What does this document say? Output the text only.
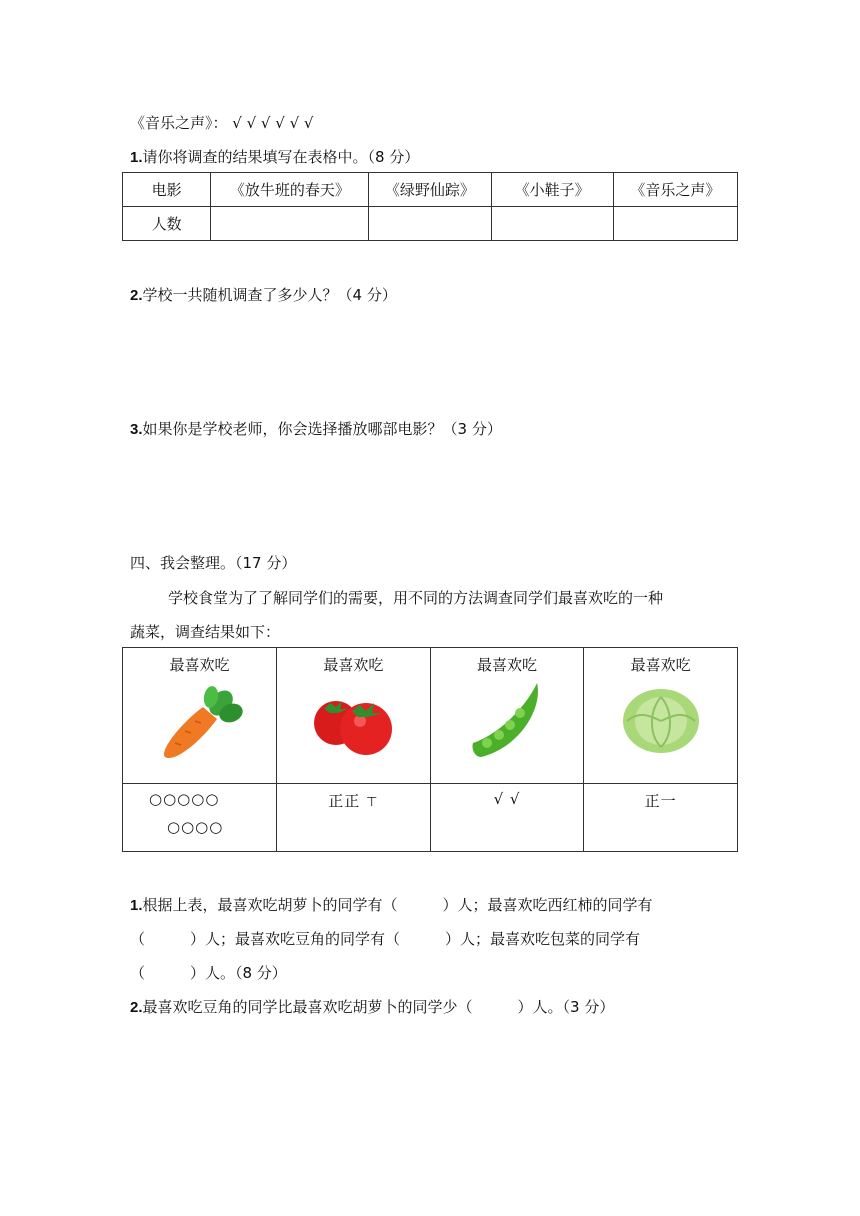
《音乐之声》： √ √ √ √ √ √
1.请你将调查的结果填写在表格中。（8 分）
电影	《放牛班的春天》	《绿野仙踪》	《小鞋子》	《音乐之声》
人数				
2.学校一共随机调查了多少人？（4 分）
3.如果你是学校老师，你会选择播放哪部电影？（3 分）
四、我会整理。（17 分）
学校食堂为了了解同学们的需要，用不同的方法调查同学们最喜欢吃的一种
蔬菜，调查结果如下：
最喜欢吃	最喜欢吃	最喜欢吃	最喜欢吃

○○○○○
○○○○	正正 ⊤	√ √	正一
1.根据上表，最喜欢吃胡萝卜的同学有（　　　）人；最喜欢吃西红柿的同学有
（　　　）人；最喜欢吃豆角的同学有（　　　）人；最喜欢吃包菜的同学有
（　　　）人。（8 分）
2.最喜欢吃豆角的同学比最喜欢吃胡萝卜的同学少（　　　）人。（3 分）
